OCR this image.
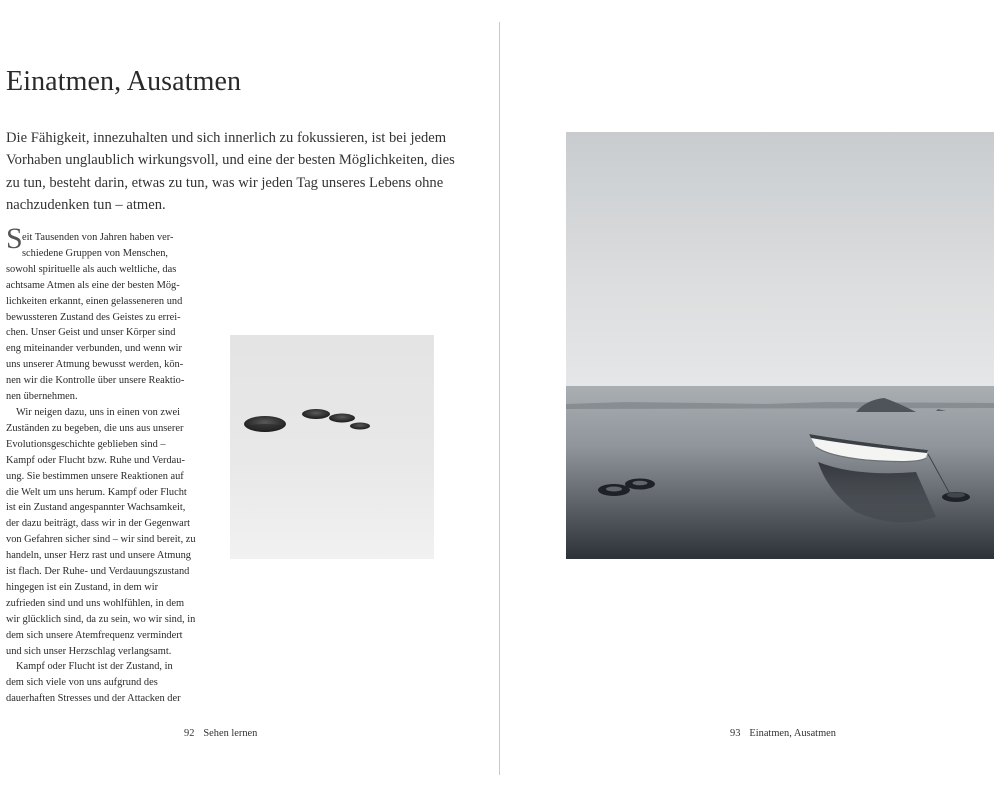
Einatmen, Ausatmen
Die Fähigkeit, innezuhalten und sich innerlich zu fokussieren, ist bei jedem
Vorhaben unglaublich wirkungsvoll, und eine der besten Möglichkeiten, dies
zu tun, besteht darin, etwas zu tun, was wir jeden Tag unseres Lebens ohne
nachzudenken tun – atmen.
S eit Tausenden von Jahren haben ver-
schiedene Gruppen von Menschen,
sowohl spirituelle als auch weltliche, das
achtsame Atmen als eine der besten Mög-
lichkeiten erkannt, einen gelasseneren und
bewussteren Zustand des Geistes zu errei-
chen. Unser Geist und unser Körper sind
eng miteinander verbunden, und wenn wir
uns unserer Atmung bewusst werden, kön-
nen wir die Kontrolle über unsere Reaktio-
nen übernehmen.
Wir neigen dazu, uns in einen von zwei
Zuständen zu begeben, die uns aus unserer
Evolutionsgeschichte geblieben sind –
Kampf oder Flucht bzw. Ruhe und Verdau-
ung. Sie bestimmen unsere Reaktionen auf
die Welt um uns herum. Kampf oder Flucht
ist ein Zustand angespannter Wachsamkeit,
der dazu beiträgt, dass wir in der Gegenwart
von Gefahren sicher sind – wir sind bereit, zu
handeln, unser Herz rast und unsere Atmung
ist flach. Der Ruhe- und Verdauungszustand
hingegen ist ein Zustand, in dem wir
zufrieden sind und uns wohlfühlen, in dem
wir glücklich sind, da zu sein, wo wir sind, in
dem sich unsere Atemfrequenz vermindert
und sich unser Herzschlag verlangsamt.
Kampf oder Flucht ist der Zustand, in
dem sich viele von uns aufgrund des
dauerhaften Stresses und der Attacken der
92 Sehen lernen	93 Einatmen, Ausatmen
